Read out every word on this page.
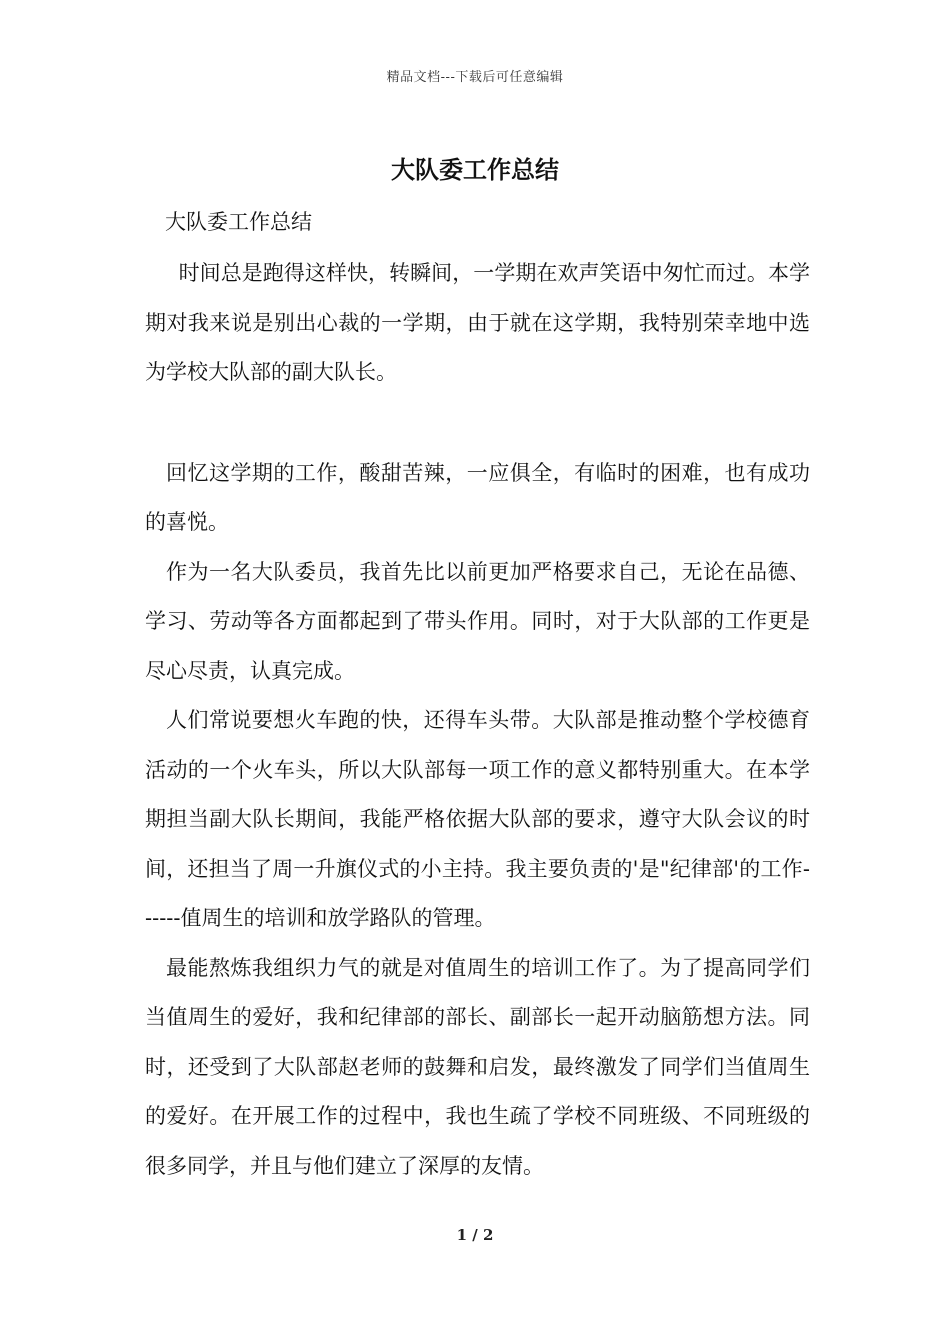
精品文档---下载后可任意编辑
大队委工作总结

大队委工作总结

时间总是跑得这样快，转瞬间，一学期在欢声笑语中匆忙而过。本学期对我来说是别出心裁的一学期，由于就在这学期，我特别荣幸地中选为学校大队部的副大队长。

回忆这学期的工作，酸甜苦辣，一应俱全，有临时的困难，也有成功的喜悦。

作为一名大队委员，我首先比以前更加严格要求自己，无论在品德、学习、劳动等各方面都起到了带头作用。同时，对于大队部的工作更是尽心尽责，认真完成。

人们常说要想火车跑的快，还得车头带。大队部是推动整个学校德育活动的一个火车头，所以大队部每一项工作的意义都特别重大。在本学期担当副大队长期间，我能严格依据大队部的要求，遵守大队会议的时间，还担当了周一升旗仪式的小主持。我主要负责的'是"纪律部'的工作------值周生的培训和放学路队的管理。

最能熬炼我组织力气的就是对值周生的培训工作了。为了提高同学们当值周生的爱好，我和纪律部的部长、副部长一起开动脑筋想方法。同时，还受到了大队部赵老师的鼓舞和启发，最终激发了同学们当值周生的爱好。在开展工作的过程中，我也生疏了学校不同班级、不同班级的很多同学，并且与他们建立了深厚的友情。

1 / 2
